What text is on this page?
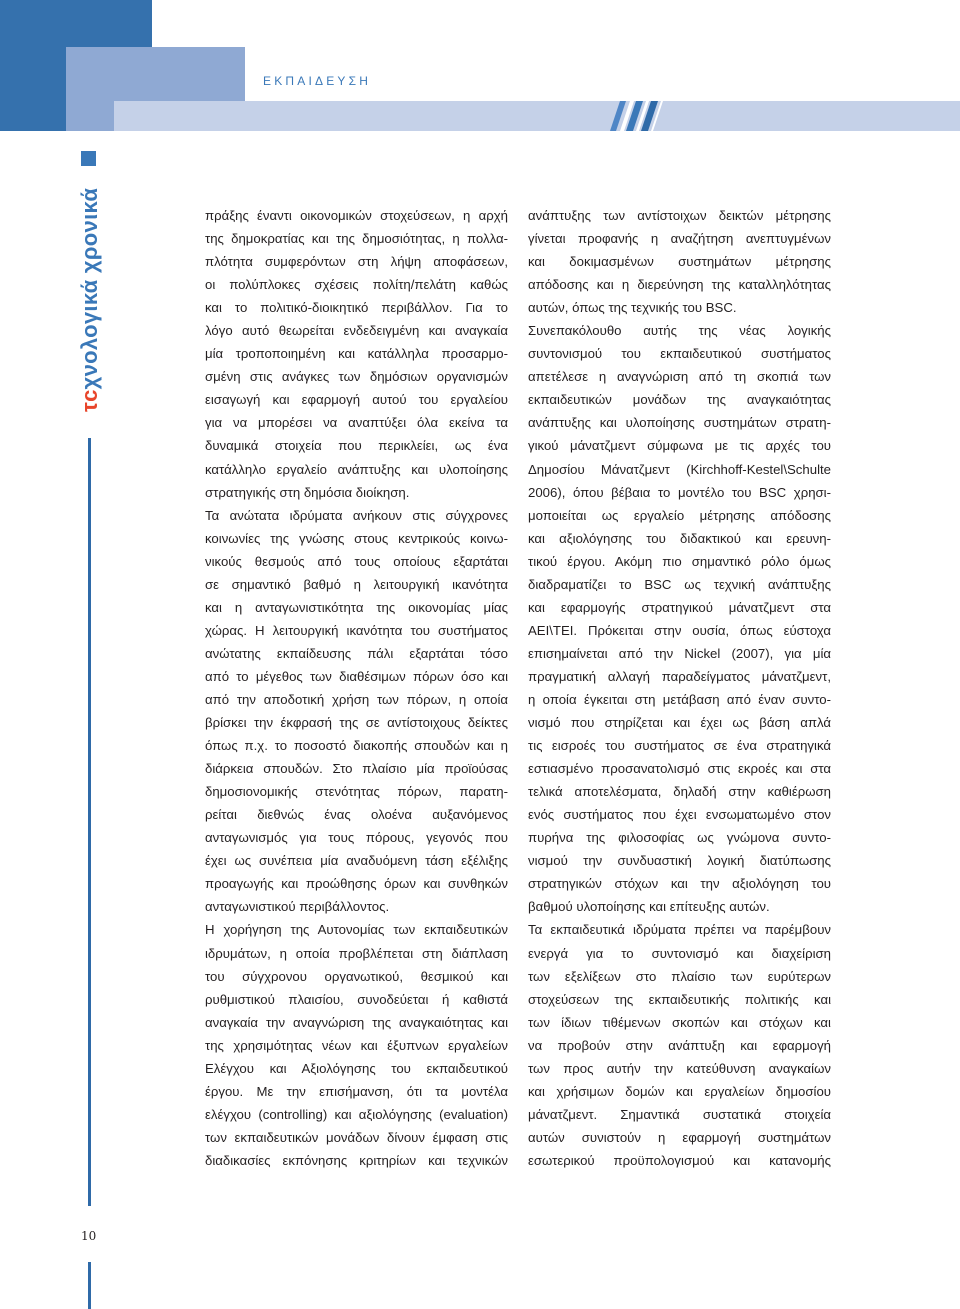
ΕΚΠΑΙΔΕΥΣΗ
τcχνολογικά χρονικά
10
πράξης έναντι οικονομικών στοχεύσεων, η αρχή
της δημοκρατίας και της δημοσιότητας, η πολλα-
πλότητα συμφερόντων στη λήψη αποφάσεων,
οι πολύπλοκες σχέσεις πολίτη/πελάτη καθώς
και το πολιτικό-διοικητικό περιβάλλον. Για το
λόγο αυτό θεωρείται ενδεδειγμένη και αναγκαία
μία τροποποιημένη και κατάλληλα προσαρμο-
σμένη στις ανάγκες των δημόσιων οργανισμών
εισαγωγή και εφαρμογή αυτού του εργαλείου
για να μπορέσει να αναπτύξει όλα εκείνα τα
δυναμικά στοιχεία που περικλείει, ως ένα
κατάλληλο εργαλείο ανάπτυξης και υλοποίησης
στρατηγικής στη δημόσια διοίκηση.
Τα ανώτατα ιδρύματα ανήκουν στις σύγχρονες
κοινωνίες της γνώσης στους κεντρικούς κοινω-
νικούς θεσμούς από τους οποίους εξαρτάται
σε σημαντικό βαθμό η λειτουργική ικανότητα
και η ανταγωνιστικότητα της οικονομίας μίας
χώρας. Η λειτουργική ικανότητα του συστήματος
ανώτατης εκπαίδευσης πάλι εξαρτάται τόσο
από το μέγεθος των διαθέσιμων πόρων όσο και
από την αποδοτική χρήση των πόρων, η οποία
βρίσκει την έκφρασή της σε αντίστοιχους δείκτες
όπως π.χ. το ποσοστό διακοπής σπουδών και η
διάρκεια σπουδών. Στο πλαίσιο μία προϊούσας
δημοσιονομικής στενότητας πόρων, παρατη-
ρείται διεθνώς ένας ολοένα αυξανόμενος
ανταγωνισμός για τους πόρους, γεγονός που
έχει ως συνέπεια μία αναδυόμενη τάση εξέλιξης
προαγωγής και προώθησης όρων και συνθηκών
ανταγωνιστικού περιβάλλοντος.
Η χορήγηση της Αυτονομίας των εκπαιδευτικών
ιδρυμάτων, η οποία προβλέπεται στη διάπλαση
του σύγχρονου οργανωτικού, θεσμικού και
ρυθμιστικού πλαισίου, συνοδεύεται ή καθιστά
αναγκαία την αναγνώριση της αναγκαιότητας και
της χρησιμότητας νέων και έξυπνων εργαλείων
Ελέγχου και Αξιολόγησης του εκπαιδευτικού
έργου. Με την επισήμανση, ότι τα μοντέλα
ελέγχου (controlling) και αξιολόγησης (evaluation)
των εκπαιδευτικών μονάδων δίνουν έμφαση στις
διαδικασίες εκπόνησης κριτηρίων και τεχνικών
ανάπτυξης των αντίστοιχων δεικτών μέτρησης
γίνεται προφανής η αναζήτηση ανεπτυγμένων
και δοκιμασμένων συστημάτων μέτρησης
απόδοσης και η διερεύνηση της καταλληλότητας
αυτών, όπως της τεχνικής του BSC.
Συνεπακόλουθο αυτής της νέας λογικής
συντονισμού του εκπαιδευτικού συστήματος
απετέλεσε η αναγνώριση από τη σκοπιά των
εκπαιδευτικών μονάδων της αναγκαιότητας
ανάπτυξης και υλοποίησης συστημάτων στρατη-
γικού μάνατζμεντ σύμφωνα με τις αρχές του
Δημοσίου Μάνατζμεντ (Kirchhoff-Kestel\Schulte
2006), όπου βέβαια το μοντέλο του BSC χρησι-
μοποιείται ως εργαλείο μέτρησης απόδοσης
και αξιολόγησης του διδακτικού και ερευνη-
τικού έργου. Ακόμη πιο σημαντικό ρόλο όμως
διαδραματίζει το BSC ως τεχνική ανάπτυξης
και εφαρμογής στρατηγικού μάνατζμεντ στα
ΑΕΙ\ΤΕΙ. Πρόκειται στην ουσία, όπως εύστοχα
επισημαίνεται από την Nickel (2007), για μία
πραγματική αλλαγή παραδείγματος μάνατζμεντ,
η οποία έγκειται στη μετάβαση από έναν συντο-
νισμό που στηρίζεται και έχει ως βάση απλά
τις εισροές του συστήματος σε ένα στρατηγικά
εστιασμένο προσανατολισμό στις εκροές και στα
τελικά αποτελέσματα, δηλαδή στην καθιέρωση
ενός συστήματος που έχει ενσωματωμένο στον
πυρήνα της φιλοσοφίας ως γνώμονα συντο-
νισμού την συνδυαστική λογική διατύπωσης
στρατηγικών στόχων και την αξιολόγηση του
βαθμού υλοποίησης και επίτευξης αυτών.
Τα εκπαιδευτικά ιδρύματα πρέπει να παρέμβουν
ενεργά για το συντονισμό και διαχείριση
των εξελίξεων στο πλαίσιο των ευρύτερων
στοχεύσεων της εκπαιδευτικής πολιτικής και
των ίδιων τιθέμενων σκοπών και στόχων και
να προβούν στην ανάπτυξη και εφαρμογή
των προς αυτήν την κατεύθυνση αναγκαίων
και χρήσιμων δομών και εργαλείων δημοσίου
μάνατζμεντ. Σημαντικά συστατικά στοιχεία
αυτών συνιστούν η εφαρμογή συστημάτων
εσωτερικού προϋπολογισμού και κατανομής
